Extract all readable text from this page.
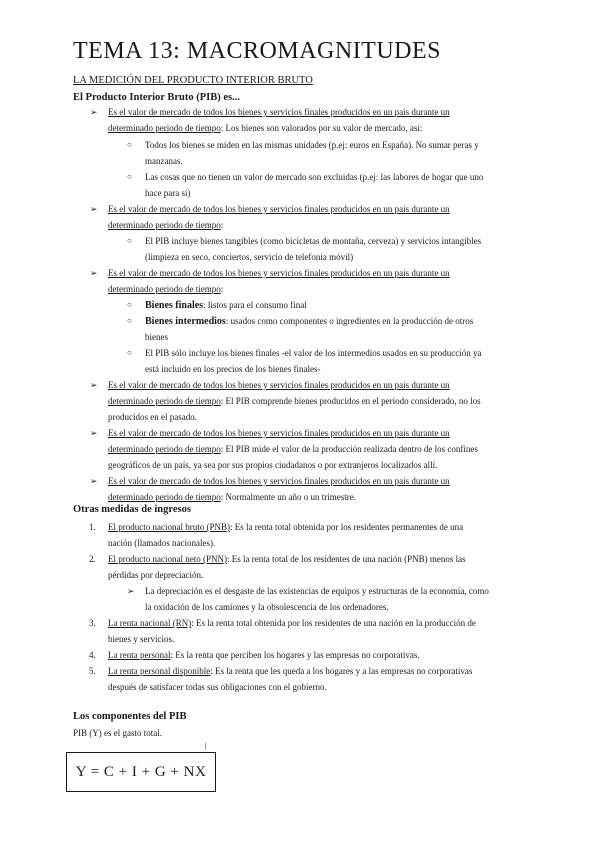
TEMA 13: MACROMAGNITUDES
LA MEDICIÓN DEL PRODUCTO INTERIOR BRUTO
El Producto Interior Bruto (PIB) es...
➢ Es el valor de mercado de todos los bienes y servicios finales producidos en un país durante un
determinado periodo de tiempo: Los bienes son valorados por su valor de mercado, así:
○ Todos los bienes se miden en las mismas unidades (p.ej: euros en España). No sumar peras y
manzanas.
○ Las cosas que no tienen un valor de mercado son excluidas (p.ej: las labores de hogar que uno
hace para sí)
➢ Es el valor de mercado de todos los bienes y servicios finales producidos en un país durante un
determinado periodo de tiempo:
○ El PIB incluye bienes tangibles (como bicicletas de montaña, cerveza) y servicios intangibles
(limpieza en seco, conciertos, servicio de telefonía móvil)
➢ Es el valor de mercado de todos los bienes y servicios finales producidos en un país durante un
determinado periodo de tiempo:
○ Bienes finales: listos para el consumo final
○ Bienes intermedios: usados como componentes o ingredientes en la producción de otros
bienes
○ El PIB sólo incluye los bienes finales -el valor de los intermedios usados en su producción ya
está incluido en los precios de los bienes finales-
➢ Es el valor de mercado de todos los bienes y servicios finales producidos en un país durante un
determinado periodo de tiempo: El PIB comprende bienes producidos en el periodo considerado, no los
producidos en el pasado.
➢ Es el valor de mercado de todos los bienes y servicios finales producidos en un país durante un
determinado periodo de tiempo: El PIB mide el valor de la producción realizada dentro de los confines
geográficos de un país, ya sea por sus propios ciudadanos o por extranjeros localizados allí.
➢ Es el valor de mercado de todos los bienes y servicios finales producidos en un país durante un
determinado periodo de tiempo: Normalmente un año o un trimestre.
Otras medidas de ingresos
1. El producto nacional bruto (PNB): Es la renta total obtenida por los residentes permanentes de una
nación (llamados nacionales).
2. El producto nacional neto (PNN): Es la renta total de los residentes de una nación (PNB) menos las
pérdidas por depreciación.
➢ La depreciación es el desgaste de las existencias de equipos y estructuras de la economía, como
la oxidación de los camiones y la obsolescencia de los ordenadores.
3. La renta nacional (RN): Es la renta total obtenida por los residentes de una nación en la producción de
bienes y servicios.
4. La renta personal: Es la renta que perciben los hogares y las empresas no corporativas.
5. La renta personal disponible: Es la renta que les queda a los hogares y a las empresas no corporativas
después de satisfacer todas sus obligaciones con el gobierno.
Los componentes del PIB
PIB (Y) es el gasto total.
Y = C + I + G + NX
